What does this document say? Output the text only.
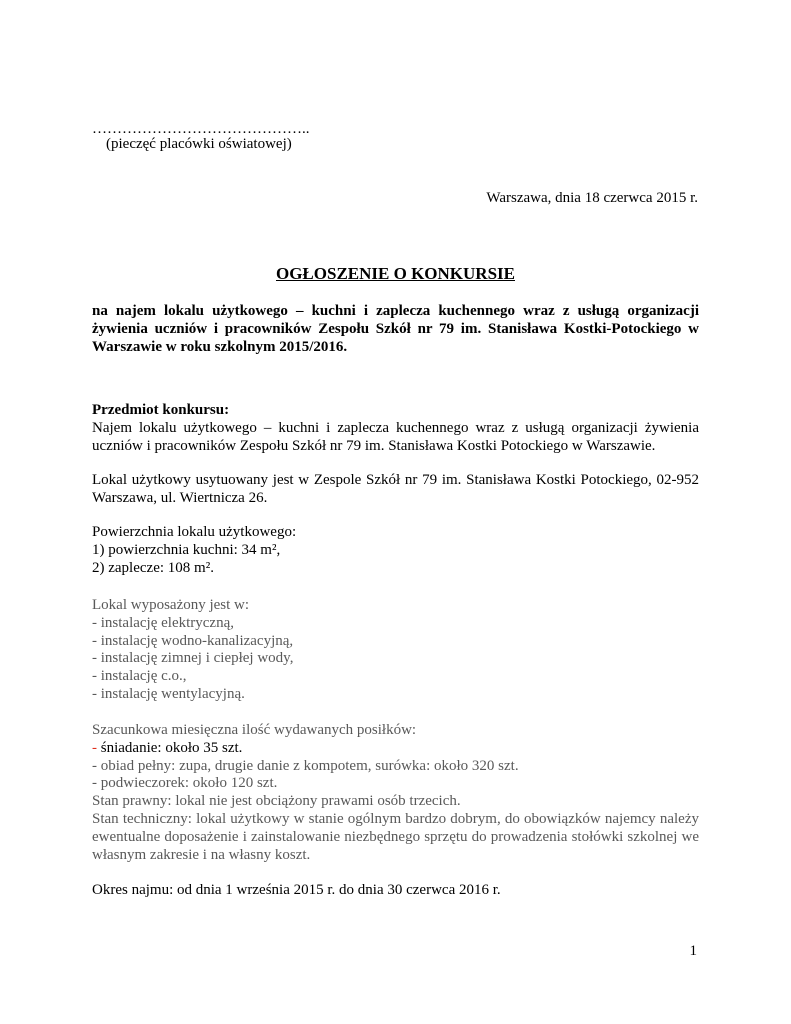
……………………………………..
(pieczęć placówki oświatowej)
Warszawa, dnia 18 czerwca 2015 r.
OGŁOSZENIE O KONKURSIE
na najem lokalu użytkowego – kuchni i zaplecza kuchennego wraz z usługą organizacji żywienia uczniów i pracowników Zespołu Szkół nr 79 im. Stanisława Kostki-Potockiego w Warszawie w roku szkolnym 2015/2016.
Przedmiot konkursu:
Najem lokalu użytkowego – kuchni i zaplecza kuchennego wraz z usługą organizacji żywienia uczniów i pracowników Zespołu Szkół nr 79 im. Stanisława Kostki Potockiego w Warszawie.
Lokal użytkowy usytuowany jest w Zespole Szkół nr 79 im. Stanisława Kostki Potockiego, 02-952 Warszawa, ul. Wiertnicza 26.
Powierzchnia lokalu użytkowego:
1) powierzchnia kuchni: 34 m²,
2) zaplecze: 108 m².
Lokal wyposażony jest w:
- instalację elektryczną,
- instalację wodno-kanalizacyjną,
- instalację zimnej i ciepłej wody,
- instalację c.o.,
- instalację wentylacyjną.
Szacunkowa miesięczna ilość wydawanych posiłków:
- śniadanie: około 35 szt.
- obiad pełny: zupa, drugie danie z kompotem, surówka: około 320 szt.
- podwieczorek: około 120 szt.
Stan prawny: lokal nie jest obciążony prawami osób trzecich.
Stan techniczny: lokal użytkowy w stanie ogólnym bardzo dobrym, do obowiązków najemcy należy ewentualne doposażenie i zainstalowanie niezbędnego sprzętu do prowadzenia stołówki szkolnej we własnym zakresie i na własny koszt.
Okres najmu: od dnia 1 września 2015 r. do dnia 30 czerwca 2016 r.
1
